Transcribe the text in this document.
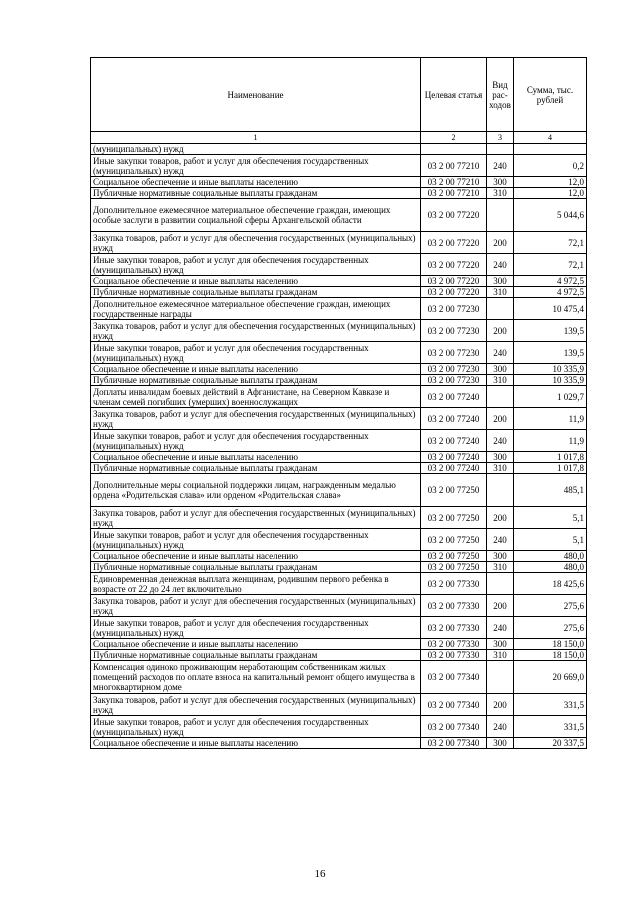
Наименование	Целевая статья	Вид рас-ходов	Сумма, тыс. рублей
1	2	3	4
(муниципальных) нужд			
Иные закупки товаров, работ и услуг для обеспечения государственных (муниципальных) нужд	03 2 00 77210	240	0,2
Социальное обеспечение и иные выплаты населению	03 2 00 77210	300	12,0
Публичные нормативные социальные выплаты гражданам	03 2 00 77210	310	12,0
Дополнительное ежемесячное материальное обеспечение граждан, имеющих особые заслуги в развитии социальной сферы Архангельской области	03 2 00 77220		5 044,6
Закупка товаров, работ и услуг для обеспечения государственных (муниципальных) нужд	03 2 00 77220	200	72,1
Иные закупки товаров, работ и услуг для обеспечения государственных (муниципальных) нужд	03 2 00 77220	240	72,1
Социальное обеспечение и иные выплаты населению	03 2 00 77220	300	4 972,5
Публичные нормативные социальные выплаты гражданам	03 2 00 77220	310	4 972,5
Дополнительное ежемесячное материальное обеспечение граждан, имеющих государственные награды	03 2 00 77230		10 475,4
Закупка товаров, работ и услуг для обеспечения государственных (муниципальных) нужд	03 2 00 77230	200	139,5
Иные закупки товаров, работ и услуг для обеспечения государственных (муниципальных) нужд	03 2 00 77230	240	139,5
Социальное обеспечение и иные выплаты населению	03 2 00 77230	300	10 335,9
Публичные нормативные социальные выплаты гражданам	03 2 00 77230	310	10 335,9
Доплаты инвалидам боевых действий в Афганистане, на Северном Кавказе и членам семей погибших (умерших) военнослужащих	03 2 00 77240		1 029,7
Закупка товаров, работ и услуг для обеспечения государственных (муниципальных) нужд	03 2 00 77240	200	11,9
Иные закупки товаров, работ и услуг для обеспечения государственных (муниципальных) нужд	03 2 00 77240	240	11,9
Социальное обеспечение и иные выплаты населению	03 2 00 77240	300	1 017,8
Публичные нормативные социальные выплаты гражданам	03 2 00 77240	310	1 017,8
Дополнительные меры социальной поддержки лицам, награжденным медалью ордена «Родительская слава» или орденом «Родительская слава»	03 2 00 77250		485,1
Закупка товаров, работ и услуг для обеспечения государственных (муниципальных) нужд	03 2 00 77250	200	5,1
Иные закупки товаров, работ и услуг для обеспечения государственных (муниципальных) нужд	03 2 00 77250	240	5,1
Социальное обеспечение и иные выплаты населению	03 2 00 77250	300	480,0
Публичные нормативные социальные выплаты гражданам	03 2 00 77250	310	480,0
Единовременная денежная выплата женщинам, родившим первого ребенка в возрасте от 22 до 24 лет включительно	03 2 00 77330		18 425,6
Закупка товаров, работ и услуг для обеспечения государственных (муниципальных) нужд	03 2 00 77330	200	275,6
Иные закупки товаров, работ и услуг для обеспечения государственных (муниципальных) нужд	03 2 00 77330	240	275,6
Социальное обеспечение и иные выплаты населению	03 2 00 77330	300	18 150,0
Публичные нормативные социальные выплаты гражданам	03 2 00 77330	310	18 150,0
Компенсация одиноко проживающим неработающим собственникам жилых помещений расходов по оплате взноса на капитальный ремонт общего имущества в многоквартирном доме	03 2 00 77340		20 669,0
Закупка товаров, работ и услуг для обеспечения государственных (муниципальных) нужд	03 2 00 77340	200	331,5
Иные закупки товаров, работ и услуг для обеспечения государственных (муниципальных) нужд	03 2 00 77340	240	331,5
Социальное обеспечение и иные выплаты населению	03 2 00 77340	300	20 337,5
16
